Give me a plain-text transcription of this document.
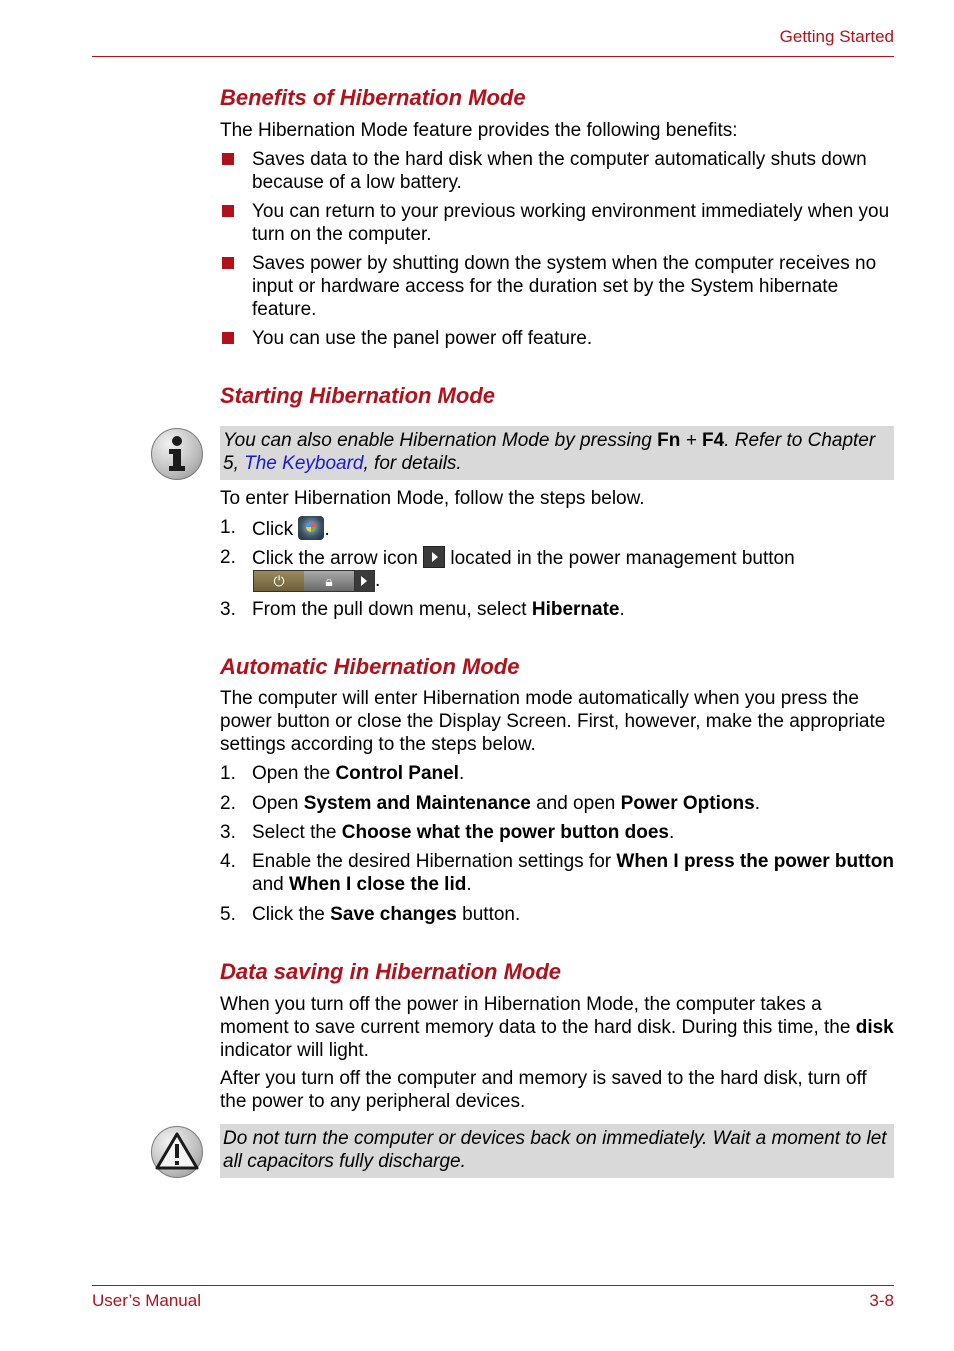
Getting Started
Benefits of Hibernation Mode
The Hibernation Mode feature provides the following benefits:
Saves data to the hard disk when the computer automatically shuts down because of a low battery.
You can return to your previous working environment immediately when you turn on the computer.
Saves power by shutting down the system when the computer receives no input or hardware access for the duration set by the System hibernate feature.
You can use the panel power off feature.
Starting Hibernation Mode
You can also enable Hibernation Mode by pressing Fn + F4. Refer to Chapter 5, The Keyboard, for details.
To enter Hibernation Mode, follow the steps below.
1. Click
.
2. Click the arrow icon
located in the power management button
⏻	🔒︎	.
3. From the pull down menu, select Hibernate.
Automatic Hibernation Mode
The computer will enter Hibernation mode automatically when you press the power button or close the Display Screen. First, however, make the appropriate settings according to the steps below.
1. Open the Control Panel.
2. Open System and Maintenance and open Power Options.
3. Select the Choose what the power button does.
4. Enable the desired Hibernation settings for When I press the power button and When I close the lid.
5. Click the Save changes button.
Data saving in Hibernation Mode
When you turn off the power in Hibernation Mode, the computer takes a moment to save current memory data to the hard disk. During this time, the disk indicator will light.
After you turn off the computer and memory is saved to the hard disk, turn off the power to any peripheral devices.
Do not turn the computer or devices back on immediately. Wait a moment to let all capacitors fully discharge.
User’s Manual	3-8
